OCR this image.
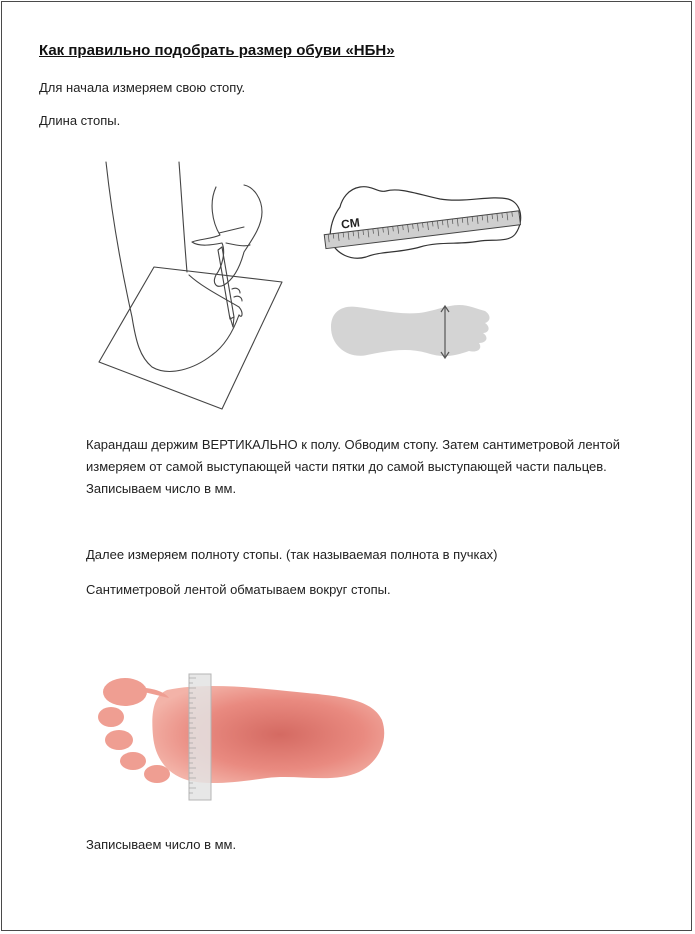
Как правильно подобрать размер обуви «НБН»

Для начала измеряем свою стопу.

Длина стопы.

CM

Карандаш держим ВЕРТИКАЛЬНО к полу. Обводим стопу. Затем сантиметровой лентой измеряем от самой выступающей части пятки до самой выступающей части пальцев. Записываем число в мм.

Далее измеряем полноту стопы. (так называемая полнота в пучках)

Сантиметровой лентой обматываем вокруг стопы.

Записываем число в мм.
